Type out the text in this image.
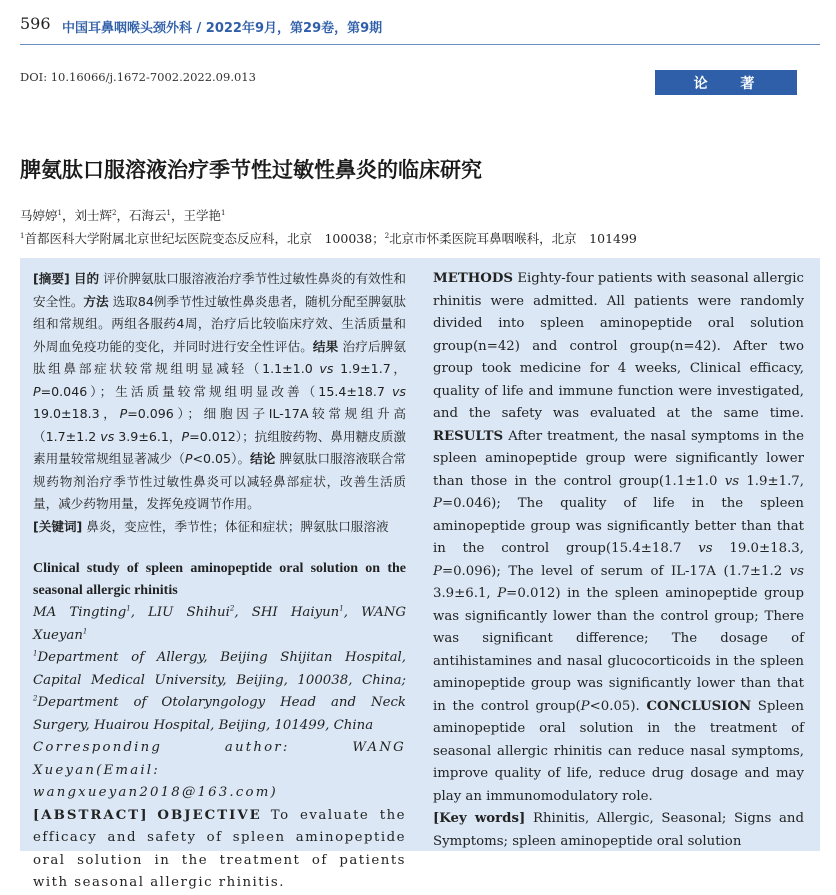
596 中国耳鼻咽喉头颈外科 / 2022年9月，第29卷，第9期
DOI: 10.16066/j.1672-7002.2022.09.013	论 著
脾氨肽口服溶液治疗季节性过敏性鼻炎的临床研究
马婷婷$^1$，刘士辉$^2$，石海云$^1$，王学艳$^1$
$^1$首都医科大学附属北京世纪坛医院变态反应科，北京　100038；$^2$北京市怀柔医院耳鼻咽喉科，北京　101499

[摘要] 目的 评价脾氨肽口服溶液治疗季节性过敏性鼻炎的有效性和安全性。方法 选取84例季节性过敏性鼻炎患者，随机分配至脾氨肽组和常规组。两组各服药4周，治疗后比较临床疗效、生活质量和外周血免疫功能的变化，并同时进行安全性评估。结果 治疗后脾氨肽组鼻部症状较常规组明显减轻（1.1±1.0 vs 1.9±1.7，P=0.046）；生活质量较常规组明显改善（15.4±18.7 vs 19.0±18.3，P=0.096）；细胞因子IL-17A较常规组升高（1.7±1.2 vs 3.9±6.1，P=0.012）；抗组胺药物、鼻用糖皮质激素用量较常规组显著减少（P<0.05）。结论 脾氨肽口服溶液联合常规药物剂治疗季节性过敏性鼻炎可以减轻鼻部症状，改善生活质量，减少药物用量，发挥免疫调节作用。

[关键词] 鼻炎，变应性，季节性；体征和症状；脾氨肽口服溶液

Clinical study of spleen aminopeptide oral solution on the seasonal allergic rhinitis

MA Tingting$^1$, LIU Shihui$^2$, SHI Haiyun$^1$, WANG Xueyan$^1$

$^1$Department of Allergy, Beijing Shijitan Hospital, Capital Medical University, Beijing, 100038, China; $^2$Department of Otolaryngology Head and Neck Surgery, Huairou Hospital, Beijing, 101499, China

Corresponding author: WANG Xueyan(Email: wangxueyan2018@163.com)

[ABSTRACT] OBJECTIVE To evaluate the efficacy and safety of spleen aminopeptide oral solution in the treatment of patients with seasonal allergic rhinitis.

METHODS Eighty-four patients with seasonal allergic rhinitis were admitted. All patients were randomly divided into spleen aminopeptide oral solution group(n=42) and control group(n=42). After two group took medicine for 4 weeks, Clinical efficacy, quality of life and immune function were investigated, and the safety was evaluated at the same time. RESULTS After treatment, the nasal symptoms in the spleen aminopeptide group were significantly lower than those in the control group(1.1±1.0 vs 1.9±1.7, P=0.046); The quality of life in the spleen aminopeptide group was significantly better than that in the control group(15.4±18.7 vs 19.0±18.3, P=0.096); The level of serum of IL-17A (1.7±1.2 vs 3.9±6.1, P=0.012) in the spleen aminopeptide group was significantly lower than the control group; There was significant difference; The dosage of antihistamines and nasal glucocorticoids in the spleen aminopeptide group was significantly lower than that in the control group(P<0.05). CONCLUSION Spleen aminopeptide oral solution in the treatment of seasonal allergic rhinitis can reduce nasal symptoms, improve quality of life, reduce drug dosage and may play an immunomodulatory role.

[Key words] Rhinitis, Allergic, Seasonal; Signs and Symptoms; spleen aminopeptide oral solution
